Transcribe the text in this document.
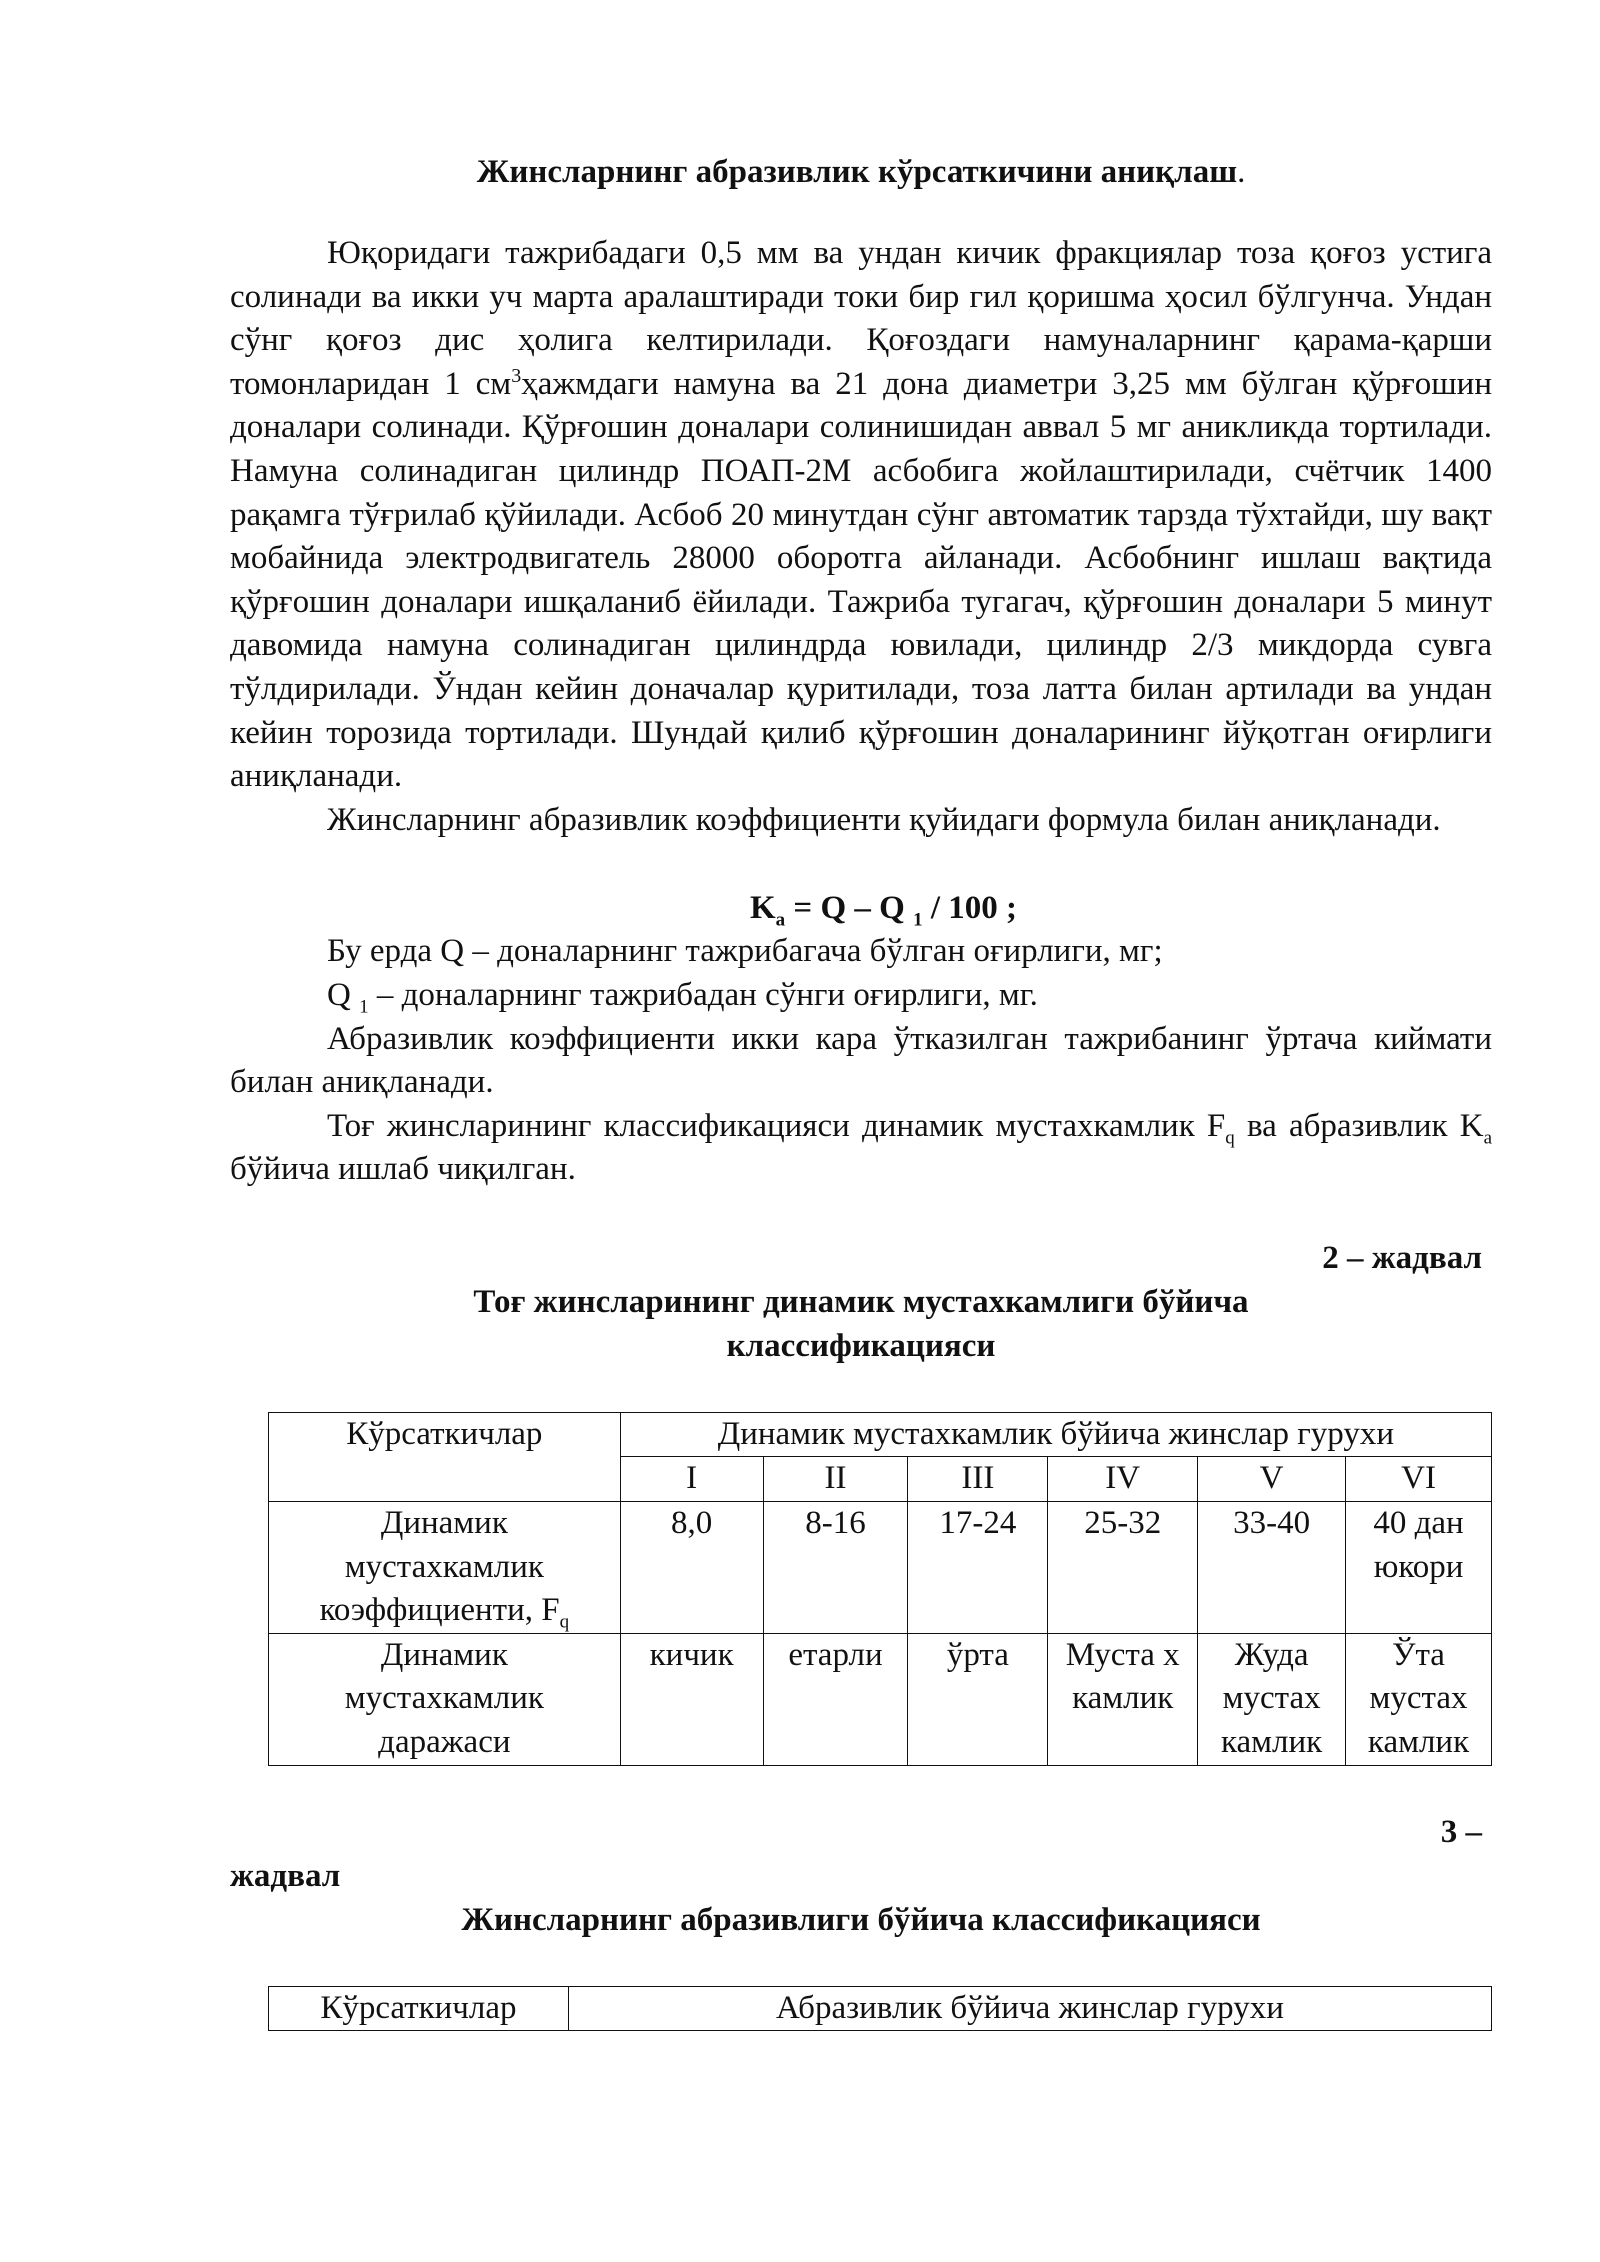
Жинсларнинг абразивлик кўрсаткичини аниқлаш.

Юқоридаги тажрибадаги 0,5 мм ва ундан кичик фракциялар тоза қоғоз устига солинади ва икки уч марта аралаштиради токи бир гил қоришма ҳосил бўлгунча. Ундан сўнг қоғоз дис ҳолига келтирилади. Қоғоздаги намуналарнинг қарама-қарши томонларидан 1 $см^3ҳажмдаги$ намуна ва 21 дона диаметри 3,25 мм бўлган қўрғошин доналари солинади. Қўрғошин доналари солинишидан аввал 5 мг аникликда тортилади. Намуна солинадиган цилиндр ПОАП-2М асбобига жойлаштирилади, счётчик 1400 рақамга тўғрилаб қўйилади. Асбоб 20 минутдан сўнг автоматик тарзда тўхтайди, шу вақт мобайнида электродвигатель 28000 оборотга айланади. Асбобнинг ишлаш вақтида қўрғошин доналари ишқаланиб ёйилади. Тажриба тугагач, қўрғошин доналари 5 минут давомида намуна солинадиган цилиндрда ювилади, цилиндр 2/3 микдорда сувга тўлдирилади. Ўндан кейин доначалар қуритилади, тоза латта билан артилади ва ундан кейин торозида тортилади. Шундай қилиб қўрғошин доналарининг йўқотган оғирлиги аниқланади.

Жинсларнинг абразивлик коэффициенти қуйидаги формула билан аниқланади.

$K_a = Q - Q$ $_1$ / 100 ;

Бу ерда Q – доналарнинг тажрибагача бўлган оғирлиги, мг;

Q $_1$ – доналарнинг тажрибадан сўнги оғирлиги, мг.

Абразивлик коэффициенти икки кара ўтказилган тажрибанинг ўртача киймати билан аниқланади.

Тоғ жинсларининг классификацияси динамик мустахкамлик $F_q$ ва абразивлик $K_a$ бўйича ишлаб чиқилган.

2 – жадвал
Тоғ жинсларининг динамик мустахкамлиги бўйича
классификацияси
Кўрсаткичлар	Динамик мустахкамлик бўйича жинслар гурухи					
	I	II	III	IV	V	VI

Динамик
мустахкамлик
коэффициенти, $F_q$	8,0	8-16	17-24	25-32	33-40	40 дан юкори

Динамик
мустахкамлик
даражаси	кичик	етарли	ўрта	Муста х камлик	Жуда мустах камлик	Ўта мустах камлик
3 –
жадвал
Жинсларнинг абразивлиги бўйича классификацияси
Кўрсаткичлар	Абразивлик бўйича жинслар гурухи
